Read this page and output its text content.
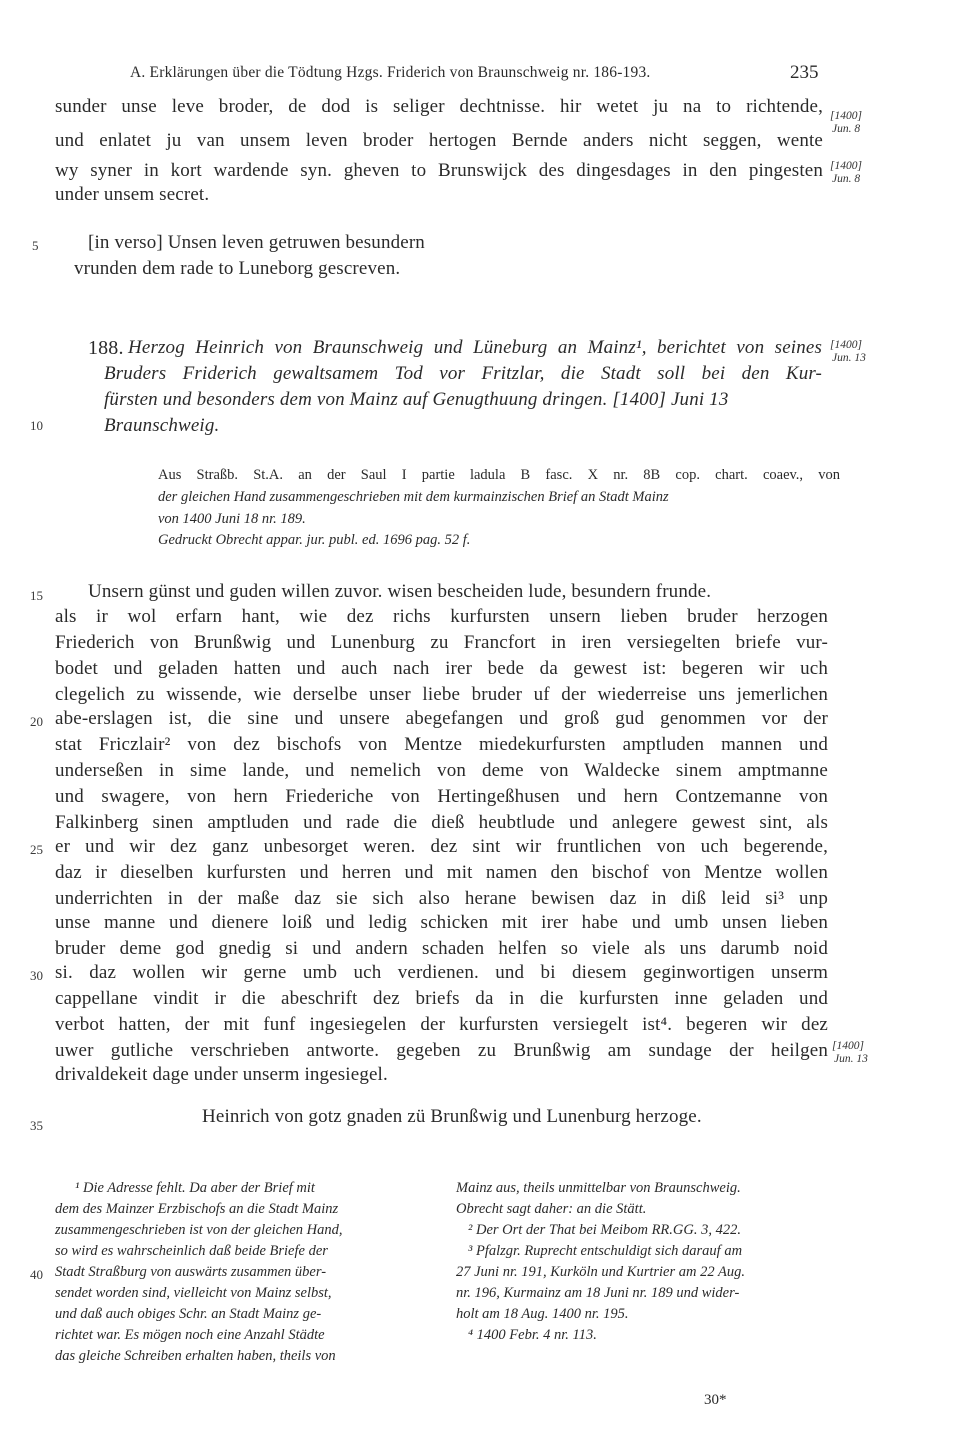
A. Erklärungen über die Tödtung Hzgs. Friderich von Braunschweig nr. 186-193.	235
sunder unse leve broder, de dod is seliger dechtnisse. hir wetet ju na to richtende,
und enlatet ju van unsem leven broder hertogen Bernde anders nicht seggen, wente
wy syner in kort wardende syn. gheven to Brunswijck des dingesdages in den pingesten
under unsem secret.
[1400]
Jun. 8
[1400]
Jun. 8
5	[in verso] Unsen leven getruwen besundern
vrunden dem rade to Luneborg gescreven.
188. Herzog Heinrich von Braunschweig und Lüneburg an Mainz¹, berichtet von seines
Bruders Friderich gewaltsamem Tod vor Fritzlar, die Stadt soll bei den Kur-
fürsten und besonders dem von Mainz auf Genugthuung dringen. [1400] Juni 13
10	Braunschweig.
[1400]
Jun. 13
Aus Straßb. St.A. an der Saul I partie ladula B fasc. X nr. 8B cop. chart. coaev., von
der gleichen Hand zusammengeschrieben mit dem kurmainzischen Brief an Stadt Mainz
von 1400 Juni 18 nr. 189.
Gedruckt Obrecht appar. jur. publ. ed. 1696 pag. 52 f.
15 Unsern günst und guden willen zuvor. wisen bescheiden lude, besundern frunde.
als ir wol erfarn hant, wie dez richs kurfursten unsern lieben bruder herzogen
Friederich von Brunßwig und Lunenburg zu Francfort in iren versiegelten briefe vur-
bodet und geladen hatten und auch nach irer bede da gewest ist: begeren wir uch
clegelich zu wissende, wie derselbe unser liebe bruder uf der wiederreise uns jemerlichen
20 abe-erslagen ist, die sine und unsere abegefangen und groß gud genommen vor der
stat Friczlair² von dez bischofs von Mentze miedekurfursten amptluden mannen und
underseßen in sime lande, und nemelich von deme von Waldecke sinem amptmanne
und swagere, von hern Friederiche von Hertingeßhusen und hern Contzemanne von
Falkinberg sinen amptluden und rade die dieß heubtlude und anlegere gewest sint, als
25 er und wir dez ganz unbesorget weren. dez sint wir fruntlichen von uch begerende,
daz ir dieselben kurfursten und herren und mit namen den bischof von Mentze wollen
underrichten in der maße daz sie sich also herane bewisen daz in diß leid si³ unp
unse manne und dienere loiß und ledig schicken mit irer habe und umb unsen lieben
bruder deme god gnedig si und andern schaden helfen so viele als uns darumb noid
30 si. daz wollen wir gerne umb uch verdienen. und bi diesem geginwortigen unserm
cappellane vindit ir die abeschrift dez briefs da in die kurfursten inne geladen und
verbot hatten, der mit funf ingesiegelen der kurfursten versiegelt ist⁴. begeren wir dez
uwer gutliche verschrieben antworte. gegeben zu Brunßwig am sundage der heilgen
drivaldekeit dage under unserm ingesiegel.
[1400]
Jun. 13
35	Heinrich von gotz gnaden zü Brunßwig und Lunenburg herzoge.
¹ Die Adresse fehlt. Da aber der Brief mit
dem des Mainzer Erzbischofs an die Stadt Mainz
zusammengeschrieben ist von der gleichen Hand,
so wird es wahrscheinlich daß beide Briefe der
40 Stadt Straßburg von auswärts zusammen über-
sendet worden sind, vielleicht von Mainz selbst,
und daß auch obiges Schr. an Stadt Mainz ge-
richtet war. Es mögen noch eine Anzahl Städte
das gleiche Schreiben erhalten haben, theils von
Mainz aus, theils unmittelbar von Braunschweig.
Obrecht sagt daher: an die Stätt.
² Der Ort der That bei Meibom RR.GG. 3, 422.
³ Pfalzgr. Ruprecht entschuldigt sich darauf am
27 Juni nr. 191, Kurköln und Kurtrier am 22 Aug.
nr. 196, Kurmainz am 18 Juni nr. 189 und wider-
holt am 18 Aug. 1400 nr. 195.
⁴ 1400 Febr. 4 nr. 113.
30*
